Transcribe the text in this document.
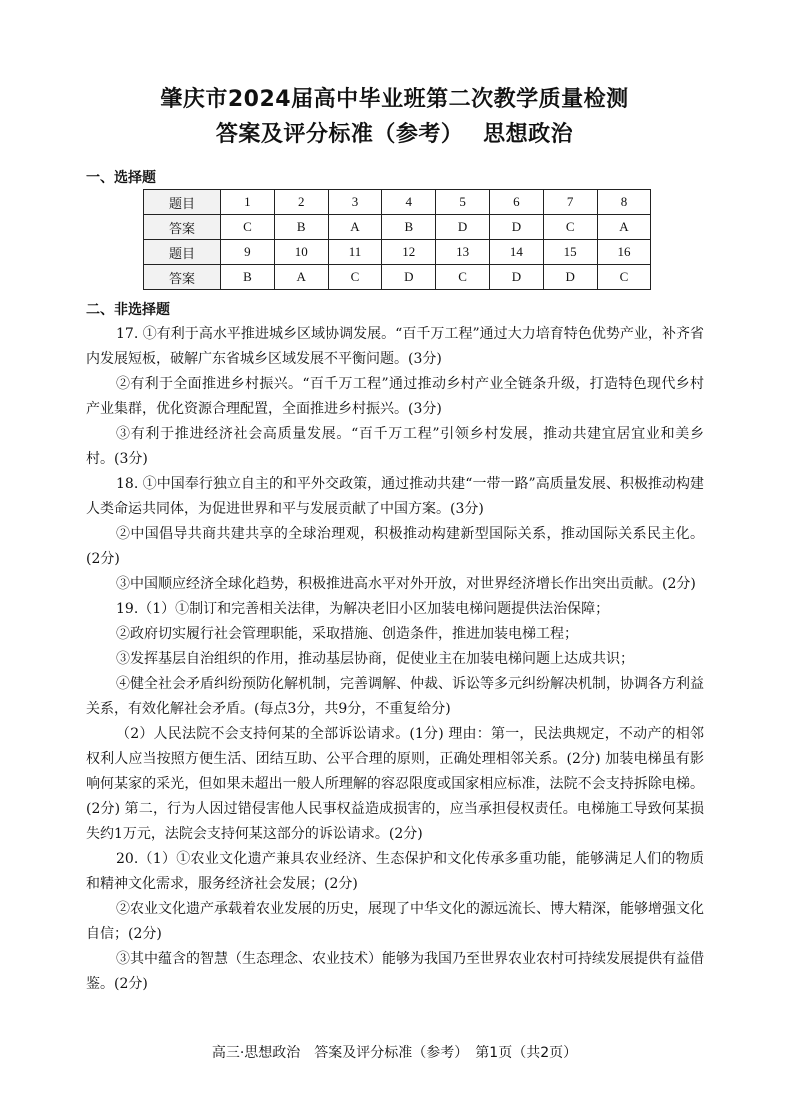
肇庆市2024届高中毕业班第二次教学质量检测
答案及评分标准（参考）　 思想政治
一、选择题
题目	1	2	3	4	5	6	7	8
答案	C	B	A	B	D	D	C	A
题目	9	10	11	12	13	14	15	16
答案	B	A	C	D	C	D	D	C
二、非选择题

17. ①有利于高水平推进城乡区域协调发展。“百千万工程”通过大力培育特色优势产业，补齐省内发展短板，破解广东省城乡区域发展不平衡问题。(3分)

②有利于全面推进乡村振兴。“百千万工程”通过推动乡村产业全链条升级，打造特色现代乡村产业集群，优化资源合理配置，全面推进乡村振兴。(3分)

③有利于推进经济社会高质量发展。“百千万工程”引领乡村发展，推动共建宜居宜业和美乡村。(3分)

18. ①中国奉行独立自主的和平外交政策，通过推动共建“一带一路”高质量发展、积极推动构建人类命运共同体，为促进世界和平与发展贡献了中国方案。(3分)

②中国倡导共商共建共享的全球治理观，积极推动构建新型国际关系，推动国际关系民主化。(2分)

③中国顺应经济全球化趋势，积极推进高水平对外开放，对世界经济增长作出突出贡献。(2分)

19.（1）①制订和完善相关法律，为解决老旧小区加装电梯问题提供法治保障；

②政府切实履行社会管理职能，采取措施、创造条件，推进加装电梯工程；

③发挥基层自治组织的作用，推动基层协商，促使业主在加装电梯问题上达成共识；

④健全社会矛盾纠纷预防化解机制，完善调解、仲裁、诉讼等多元纠纷解决机制，协调各方利益关系，有效化解社会矛盾。(每点3分，共9分，不重复给分)

（2）人民法院不会支持何某的全部诉讼请求。(1分) 理由：第一，民法典规定，不动产的相邻权利人应当按照方便生活、团结互助、公平合理的原则，正确处理相邻关系。(2分) 加装电梯虽有影响何某家的采光，但如果未超出一般人所理解的容忍限度或国家相应标准，法院不会支持拆除电梯。(2分) 第二，行为人因过错侵害他人民事权益造成损害的，应当承担侵权责任。电梯施工导致何某损失约1万元，法院会支持何某这部分的诉讼请求。(2分)

20.（1）①农业文化遗产兼具农业经济、生态保护和文化传承多重功能，能够满足人们的物质和精神文化需求，服务经济社会发展；(2分)

②农业文化遗产承载着农业发展的历史，展现了中华文化的源远流长、博大精深，能够增强文化自信；(2分)

③其中蕴含的智慧（生态理念、农业技术）能够为我国乃至世界农业农村可持续发展提供有益借鉴。(2分)

高三·思想政治　答案及评分标准（参考）　第1页（共2页）
